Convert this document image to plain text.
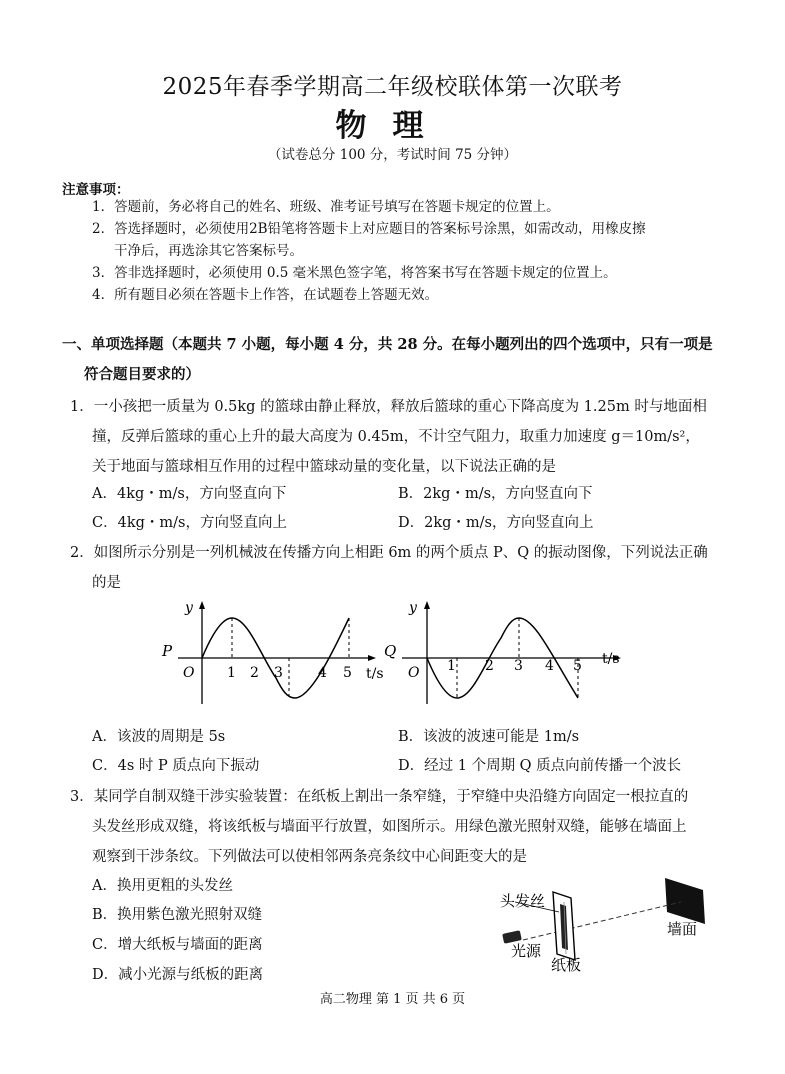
2025年春季学期高二年级校联体第一次联考
物理
（试卷总分 100 分，考试时间 75 分钟）
注意事项：
1．答题前，务必将自己的姓名、班级、准考证号填写在答题卡规定的位置上。
2．答选择题时，必须使用2B铅笔将答题卡上对应题目的答案标号涂黑，如需改动，用橡皮擦
干净后，再选涂其它答案标号。
3．答非选择题时，必须使用 0.5 毫米黑色签字笔，将答案书写在答题卡规定的位置上。
4．所有题目必须在答题卡上作答，在试题卷上答题无效。
一、单项选择题（本题共 7 小题，每小题 4 分，共 28 分。在每小题列出的四个选项中，只有一项是
符合题目要求的）
1．一小孩把一质量为 0.5kg 的篮球由静止释放，释放后篮球的重心下降高度为 1.25m 时与地面相
撞，反弹后篮球的重心上升的最大高度为 0.45m，不计空气阻力，取重力加速度 g＝10m/s²，
关于地面与篮球相互作用的过程中篮球动量的变化量，以下说法正确的是
A．4kg・m/s，方向竖直向下	B．2kg・m/s，方向竖直向下
C．4kg・m/s，方向竖直向上	D．2kg・m/s，方向竖直向上
2．如图所示分别是一列机械波在传播方向上相距 6m 的两个质点 P、Q 的振动图像，下列说法正确
的是
y
P
O	t/s
1 2 3	4 5
y
Q
O
t/s
1 2 3 4 5
A．该波的周期是 5s	B．该波的波速可能是 1m/s
C．4s 时 P 质点向下振动	D．经过 1 个周期 Q 质点向前传播一个波长
3．某同学自制双缝干涉实验装置：在纸板上割出一条窄缝，于窄缝中央沿缝方向固定一根拉直的
头发丝形成双缝，将该纸板与墙面平行放置，如图所示。用绿色激光照射双缝，能够在墙面上
观察到干涉条纹。下列做法可以使相邻两条亮条纹中心间距变大的是
A．换用更粗的头发丝
B．换用紫色激光照射双缝
C．增大纸板与墙面的距离
D．减小光源与纸板的距离
头发丝
光源
纸板
墙面
高二物理 第 1 页 共 6 页
